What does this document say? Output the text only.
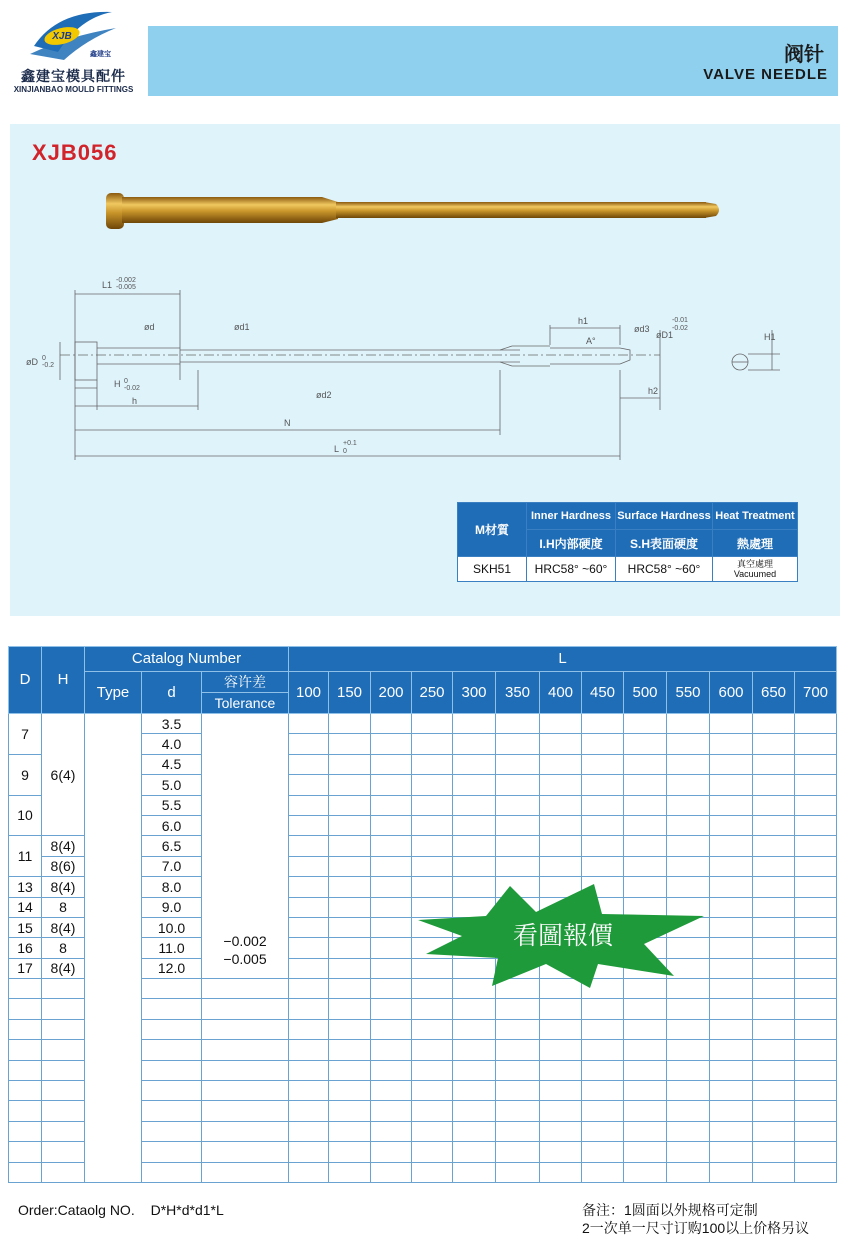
XJB
鑫建宝
鑫建宝模具配件
XINJIANBAO MOULD FITTINGS
阀针
VALVE NEEDLE
XJB056
L1 -0.002
-0.005
ød	ød1
ød2
ød3
øD1
-0.01
-0.02
øD 0
-0.2
H 0
-0.02
h
N
L
+0.1
0
h1
A°
h2
H1
M材質	Inner Hardness	Surface Hardness	Heat Treatment
	I.H内部硬度	S.H表面硬度	熱處理
SKH51	HRC58° ~60°	HRC58° ~60°	真空處理
Vacuumed
D	H	Catalog Number			L												
		Type	d	容许差	100	150	200	250	300	350	400	450	500	550	600	650	700
				Tolerance													
7	6(4)		3.5	−0.002
−0.005													

			4.0														
9			4.5														
			5.0														
10			5.5														
			6.0														
11	8(4)		6.5														
	8(6)		7.0														
13	8(4)		8.0														
14	8		9.0														
15	8(4)		10.0														
16	8		11.0														
17	8(4)		12.0														

看圖報價
Order:Cataolg NO. D*H*d*d1*L	备注：1圆面以外规格可定制
2一次单一尺寸订购100以上价格另议
